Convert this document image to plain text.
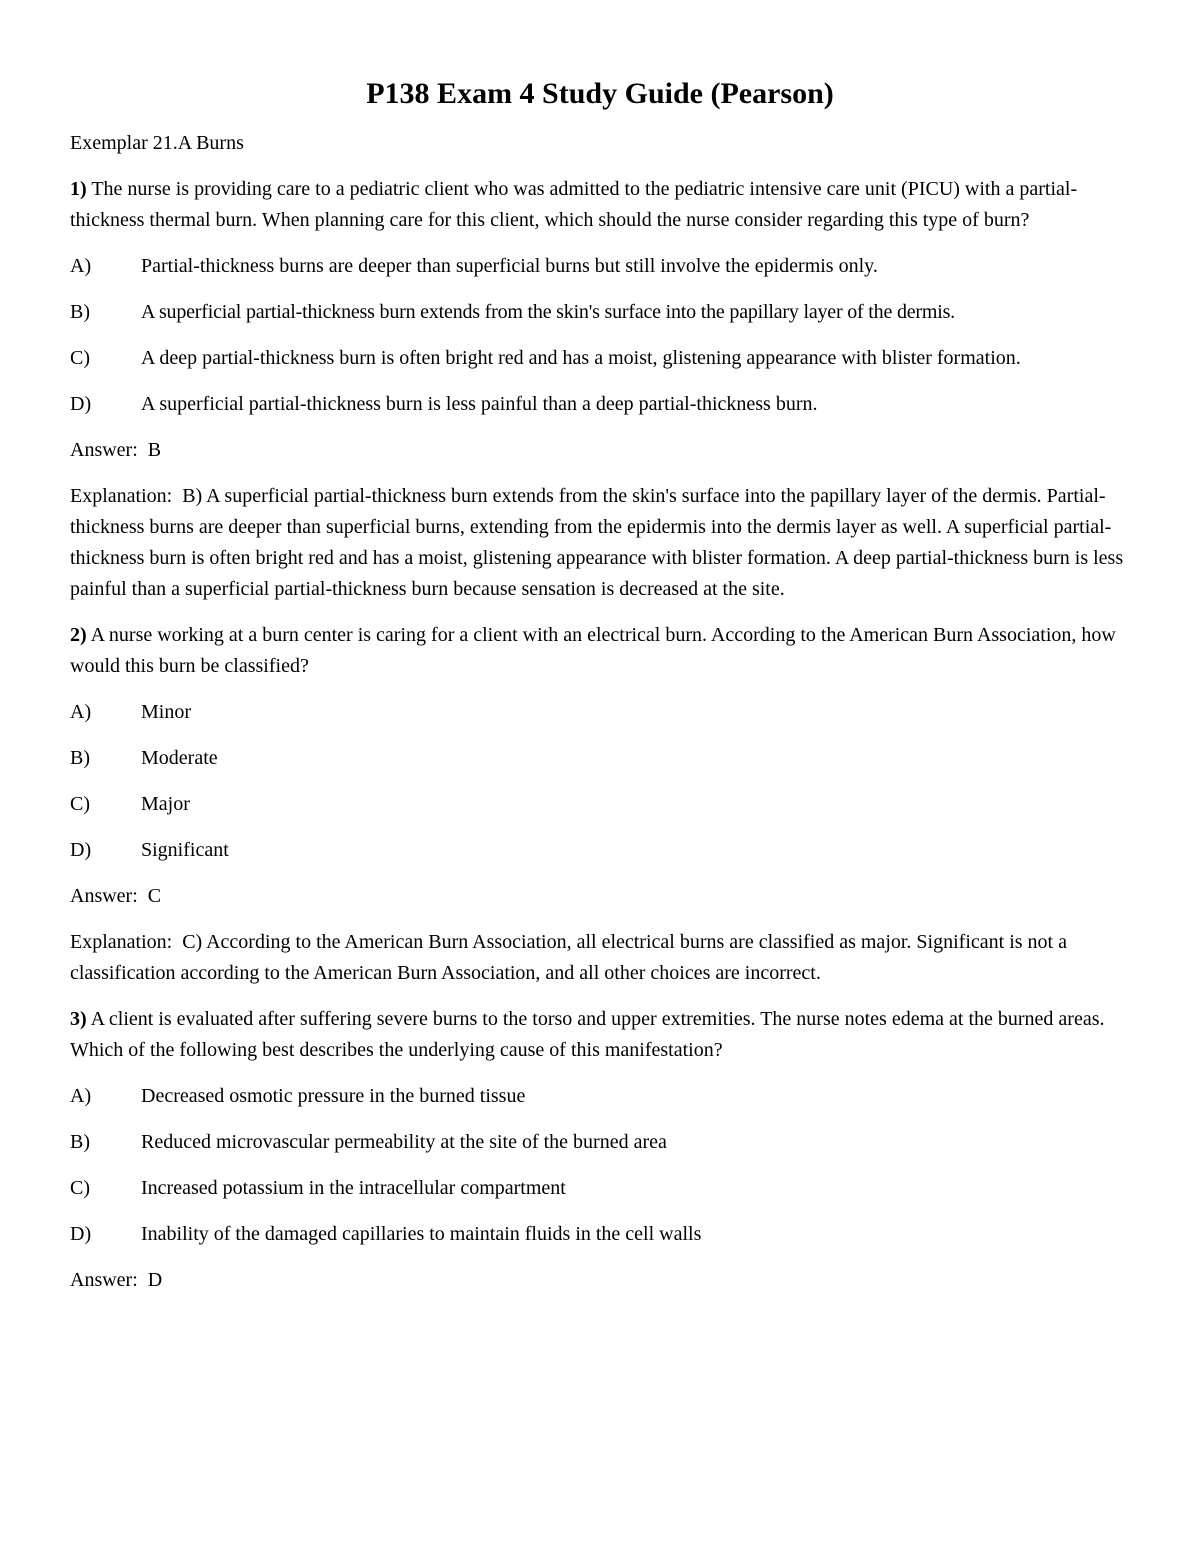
P138 Exam 4 Study Guide (Pearson)

Exemplar 21.A Burns

1) The nurse is providing care to a pediatric client who was admitted to the pediatric intensive care unit (PICU) with a partial-thickness thermal burn. When planning care for this client, which should the nurse consider regarding this type of burn?

A)	Partial-thickness burns are deeper than superficial burns but still involve the epidermis only.
B)	A superficial partial-thickness burn extends from the skin's surface into the papillary layer of the dermis.
C)	A deep partial-thickness burn is often bright red and has a moist, glistening appearance with blister formation.
D)	A superficial partial-thickness burn is less painful than a deep partial-thickness burn.

Answer:  B

Explanation:  B) A superficial partial-thickness burn extends from the skin's surface into the papillary layer of the dermis. Partial-thickness burns are deeper than superficial burns, extending from the epidermis into the dermis layer as well. A superficial partial-thickness burn is often bright red and has a moist, glistening appearance with blister formation. A deep partial-thickness burn is less painful than a superficial partial-thickness burn because sensation is decreased at the site.

2) A nurse working at a burn center is caring for a client with an electrical burn. According to the American Burn Association, how would this burn be classified?

A)	Minor
B)	Moderate
C)	Major
D)	Significant

Answer:  C

Explanation:  C) According to the American Burn Association, all electrical burns are classified as major. Significant is not a classification according to the American Burn Association, and all other choices are incorrect.

3) A client is evaluated after suffering severe burns to the torso and upper extremities. The nurse notes edema at the burned areas. Which of the following best describes the underlying cause of this manifestation?

A)	Decreased osmotic pressure in the burned tissue
B)	Reduced microvascular permeability at the site of the burned area
C)	Increased potassium in the intracellular compartment
D)	Inability of the damaged capillaries to maintain fluids in the cell walls

Answer:  D
